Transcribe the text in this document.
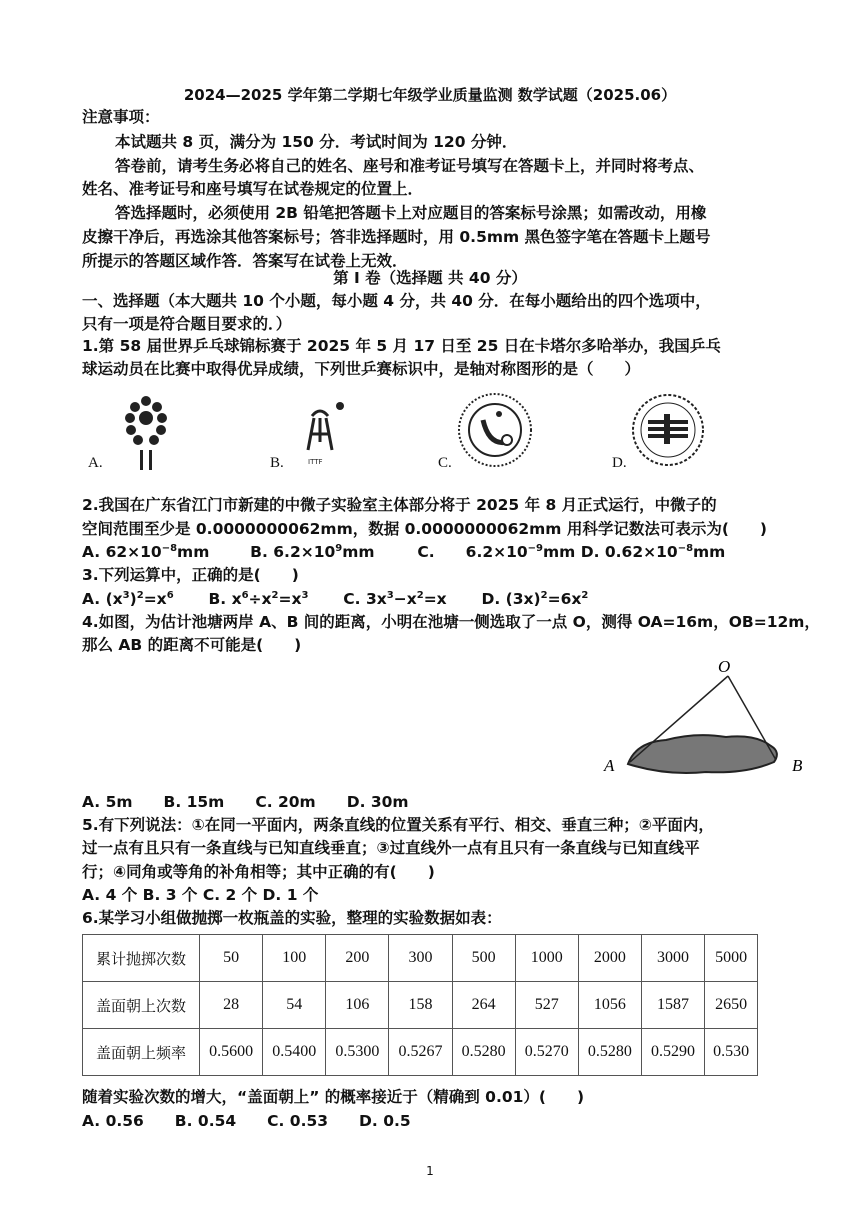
2024—2025 学年第二学期七年级学业质量监测 数学试题（2025.06）
注意事项：
本试题共 8 页，满分为 150 分．考试时间为 120 分钟．
答卷前，请考生务必将自己的姓名、座号和准考证号填写在答题卡上，并同时将考点、
姓名、准考证号和座号填写在试卷规定的位置上．
答选择题时，必须使用 2B 铅笔把答题卡上对应题目的答案标号涂黑；如需改动，用橡
皮擦干净后，再选涂其他答案标号；答非选择题时，用 0.5mm 黑色签字笔在答题卡上题号
所提示的答题区域作答．答案写在试卷上无效．
第 Ⅰ 卷（选择题 共 40 分）
一、选择题（本大题共 10 个小题，每小题 4 分，共 40 分．在每小题给出的四个选项中，
只有一项是符合题目要求的．）
1.第 58 届世界乒乓球锦标赛于 2025 年 5 月 17 日至 25 日在卡塔尔多哈举办，我国乒乓
球运动员在比赛中取得优异成绩，下列世乒赛标识中，是轴对称图形的是（　　）
A.	ITTF
B.	C.	D.
2.我国在广东省江门市新建的中微子实验室主体部分将于 2025 年 8 月正式运行，中微子的
空间范围至少是 0.0000000062mm，数据 0.0000000062mm 用科学记数法可表示为(　　)
A. $62\times 10^{-8}mm$	B. $6.2\times 10^9mm$	C.　　$6.2\times 10^{-9}mm$ D. $0.62\times 10^{-8}mm$
3.下列运算中，正确的是(　　)
A. $(x^3)^2=x^6$ B. $x^6\div x^2=x^3$ C. $3x^3-x^2=x$ D. $(3x)^2=6x^2$
4.如图，为估计池塘两岸 A、B 间的距离，小明在池塘一侧选取了一点 O，测得 OA=16m，OB=12m，
那么 AB 的距离不可能是(　　)
O
A	B
A. 5m　　B. 15m　　C. 20m　　D. 30m
5.有下列说法：①在同一平面内，两条直线的位置关系有平行、相交、垂直三种；②平面内，
过一点有且只有一条直线与已知直线垂直；③过直线外一点有且只有一条直线与已知直线平
行；④同角或等角的补角相等；其中正确的有(　　)
A. 4 个 B. 3 个 C. 2 个 D. 1 个
6.某学习小组做抛掷一枚瓶盖的实验，整理的实验数据如表：
累计抛掷次数	50	100	200	300	500	1000	2000	3000	5000
盖面朝上次数	28	54	106	158	264	527	1056	1587	2650
盖面朝上频率	0.5600	0.5400	0.5300	0.5267	0.5280	0.5270	0.5280	0.5290	0.530
随着实验次数的增大，“盖面朝上” 的概率接近于（精确到 0.01）(　　)
A. 0.56　　B. 0.54　　C. 0.53　　D. 0.5
1
